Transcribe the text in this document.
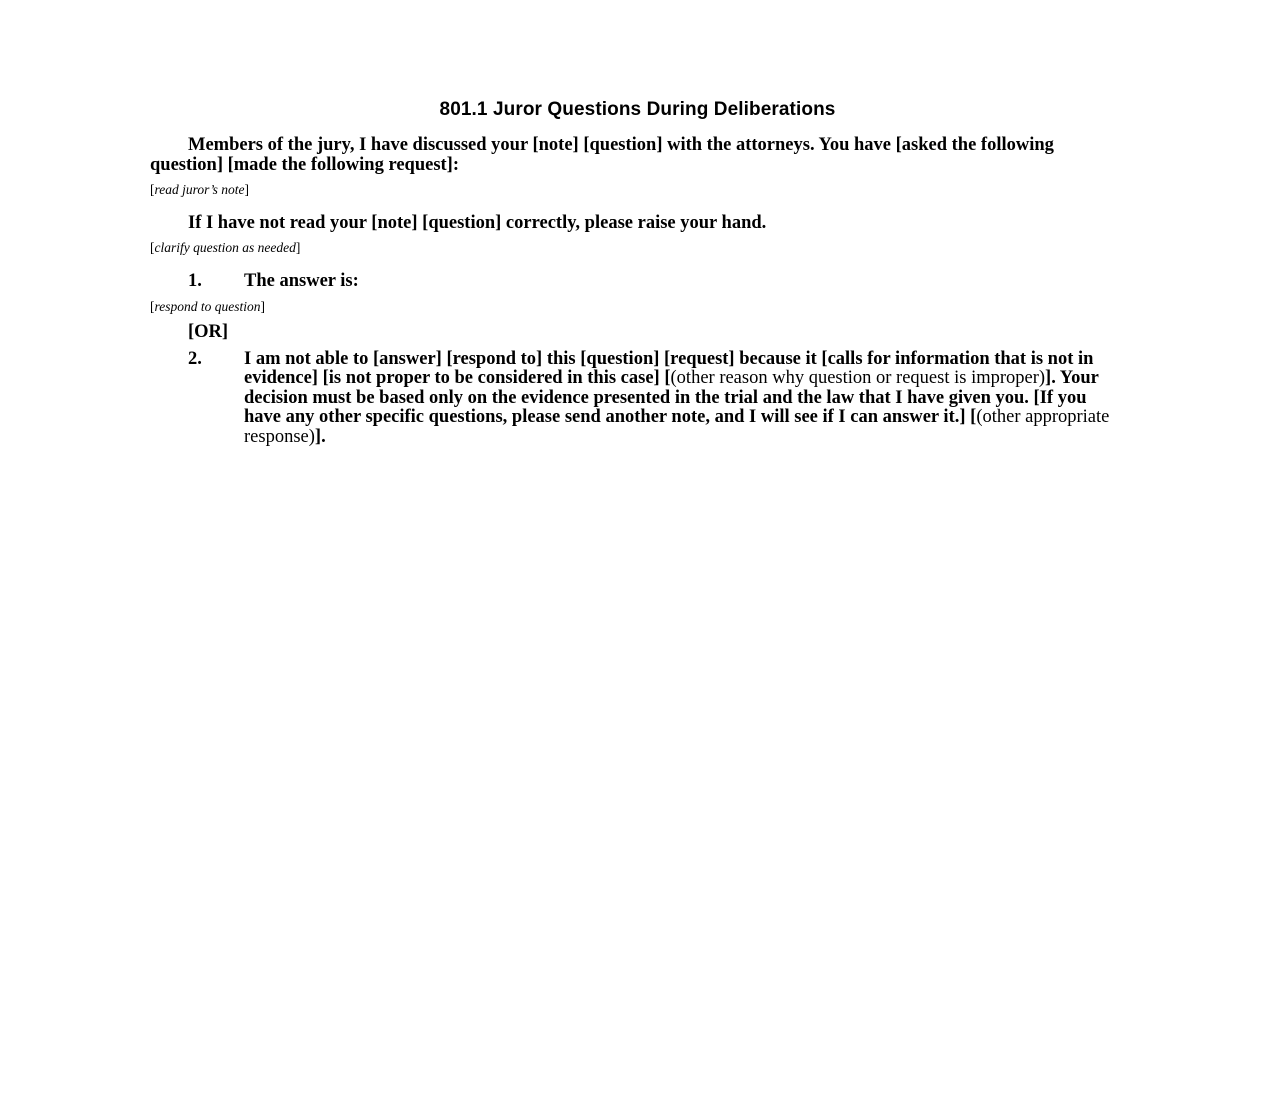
801.1 Juror Questions During Deliberations
Members of the jury, I have discussed your [note] [question] with the attorneys. You have [asked the following question] [made the following request]:
[read juror’s note]
If I have not read your [note] [question] correctly, please raise your hand.
[clarify question as needed]
1.	The answer is:
[respond to question]
[OR]
2.	I am not able to [answer] [respond to] this [question] [request] because it [calls for information that is not in evidence] [is not proper to be considered in this case] [(other reason why question or request is improper)]. Your decision must be based only on the evidence presented in the trial and the law that I have given you. [If you have any other specific questions, please send another note, and I will see if I can answer it.] [(other appropriate response)].
